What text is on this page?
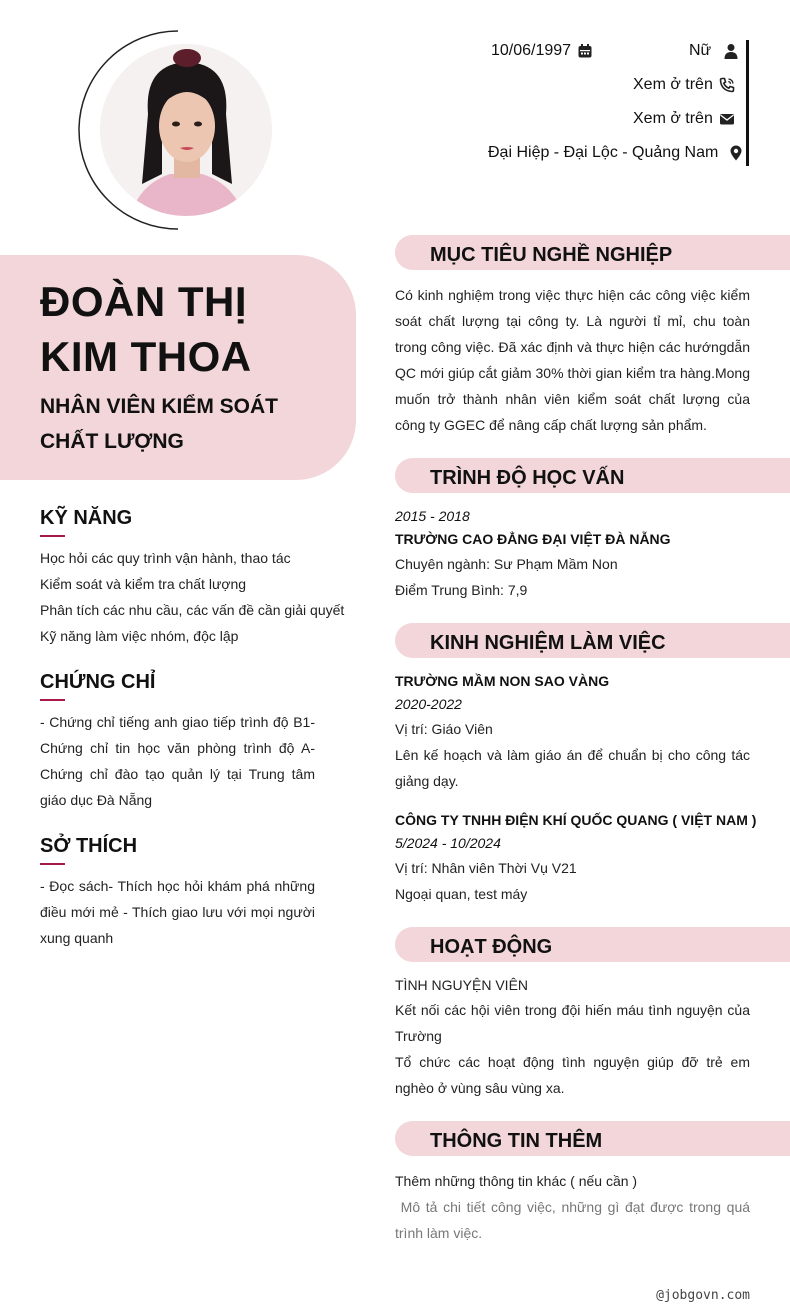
10/06/1997	Nữ
Xem ở trên
Xem ở trên
Đại Hiệp - Đại Lộc - Quảng Nam
ĐOÀN THỊ
KIM THOA
NHÂN VIÊN KIỂM SOÁT
CHẤT LƯỢNG
KỸ NĂNG
Học hỏi các quy trình vận hành, thao tác
Kiểm soát và kiểm tra chất lượng
Phân tích các nhu cầu, các vấn đề cần giải quyết
Kỹ năng làm việc nhóm, độc lập
CHỨNG CHỈ
- Chứng chỉ tiếng anh giao tiếp trình độ B1- Chứng chỉ tin học văn phòng trình độ A- Chứng chỉ đào tạo quản lý tại Trung tâm giáo dục Đà Nẵng
SỞ THÍCH
- Đọc sách- Thích học hỏi khám phá những điều mới mẻ - Thích giao lưu với mọi người xung quanh
MỤC TIÊU NGHỀ NGHIỆP
Có kinh nghiệm trong việc thực hiện các công việc kiểm soát chất lượng tại công ty. Là người tỉ mỉ, chu toàn trong công việc. Đã xác định và thực hiện các hướngdẫn QC mới giúp cắt giảm 30% thời gian kiểm tra hàng.Mong muốn trở thành nhân viên kiểm soát chất lượng của công ty GGEC để nâng cấp chất lượng sản phẩm.
TRÌNH ĐỘ HỌC VẤN
2015 - 2018
TRƯỜNG CAO ĐẲNG ĐẠI VIỆT ĐÀ NẴNG
Chuyên ngành: Sư Phạm Mầm Non
Điểm Trung Bình: 7,9
KINH NGHIỆM LÀM VIỆC
TRƯỜNG MẦM NON SAO VÀNG
2020-2022
Vị trí: Giáo Viên
Lên kế hoạch và làm giáo án để chuẩn bị cho công tác giảng dạy.
CÔNG TY TNHH ĐIỆN KHÍ QUỐC QUANG ( VIỆT NAM )
5/2024 - 10/2024
Vị trí: Nhân viên Thời Vụ V21
Ngoại quan, test máy
HOẠT ĐỘNG
TÌNH NGUYỆN VIÊN
Kết nối các hội viên trong đội hiến máu tình nguyện của Trường
Tổ chức các hoạt động tình nguyện giúp đỡ trẻ em nghèo ở vùng sâu vùng xa.
THÔNG TIN THÊM
Thêm những thông tin khác ( nếu cần )
Mô tả chi tiết công việc, những gì đạt được trong quá trình làm việc.
@jobgovn.com
